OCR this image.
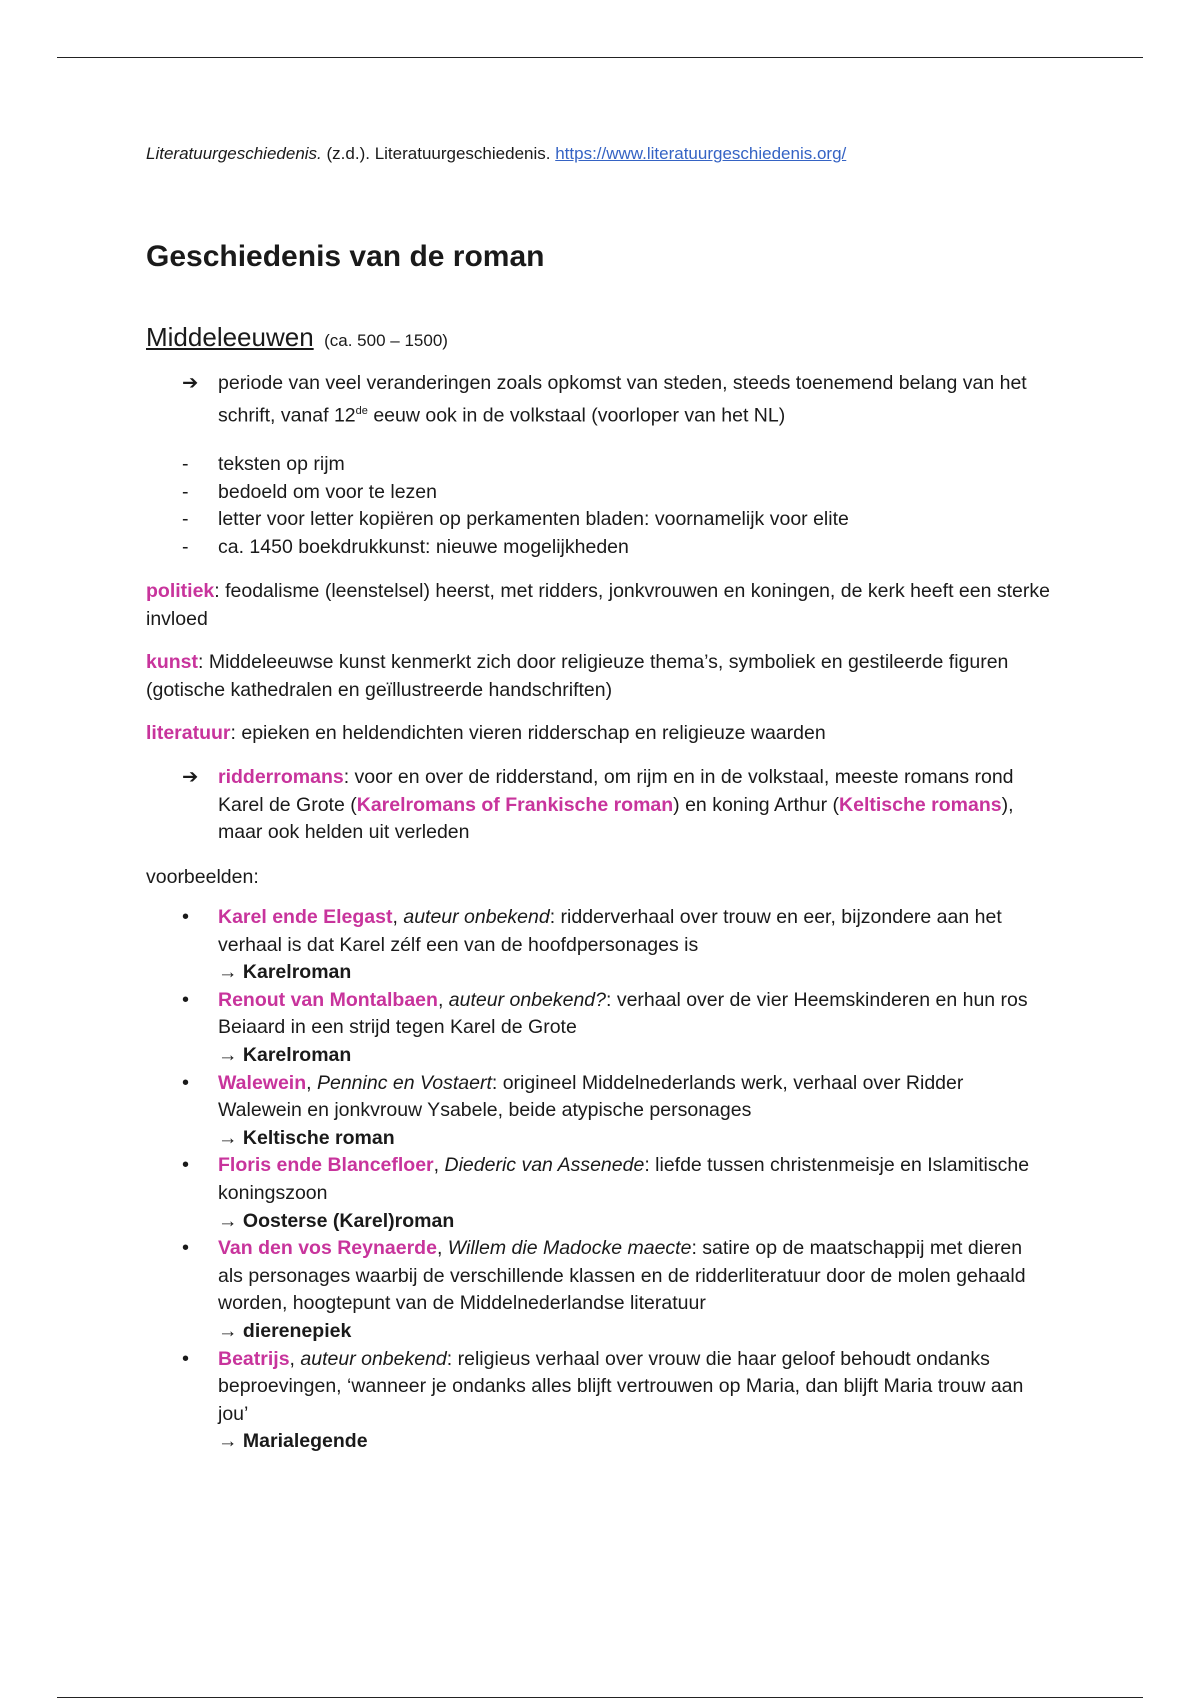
Literatuurgeschiedenis. (z.d.). Literatuurgeschiedenis. https://www.literatuurgeschiedenis.org/
Geschiedenis van de roman
Middeleeuwen (ca. 500 – 1500)
➔ periode van veel veranderingen zoals opkomst van steden, steeds toenemend belang van het schrift, vanaf 12de eeuw ook in de volkstaal (voorloper van het NL)
- teksten op rijm
- bedoeld om voor te lezen
- letter voor letter kopiëren op perkamenten bladen: voornamelijk voor elite
- ca. 1450 boekdrukkunst: nieuwe mogelijkheden
politiek: feodalisme (leenstelsel) heerst, met ridders, jonkvrouwen en koningen, de kerk heeft een sterke invloed
kunst: Middeleeuwse kunst kenmerkt zich door religieuze thema’s, symboliek en gestileerde figuren (gotische kathedralen en geïllustreerde handschriften)
literatuur: epieken en heldendichten vieren ridderschap en religieuze waarden
➔ ridderromans: voor en over de ridderstand, om rijm en in de volkstaal, meeste romans rond Karel de Grote (Karelromans of Frankische roman) en koning Arthur (Keltische romans), maar ook helden uit verleden
voorbeelden:
• Karel ende Elegast, auteur onbekend: ridderverhaal over trouw en eer, bijzondere aan het verhaal is dat Karel zélf een van de hoofdpersonages is
→ Karelroman
• Renout van Montalbaen, auteur onbekend?: verhaal over de vier Heemskinderen en hun ros Beiaard in een strijd tegen Karel de Grote
→ Karelroman
• Walewein, Penninc en Vostaert: origineel Middelnederlands werk, verhaal over Ridder Walewein en jonkvrouw Ysabele, beide atypische personages
→ Keltische roman
• Floris ende Blancefloer, Diederic van Assenede: liefde tussen christenmeisje en Islamitische koningszoon
→ Oosterse (Karel)roman
• Van den vos Reynaerde, Willem die Madocke maecte: satire op de maatschappij met dieren als personages waarbij de verschillende klassen en de ridderliteratuur door de molen gehaald worden, hoogtepunt van de Middelnederlandse literatuur
→ dierenepiek
• Beatrijs, auteur onbekend: religieus verhaal over vrouw die haar geloof behoudt ondanks beproevingen, ‘wanneer je ondanks alles blijft vertrouwen op Maria, dan blijft Maria trouw aan jou’
→ Marialegende
